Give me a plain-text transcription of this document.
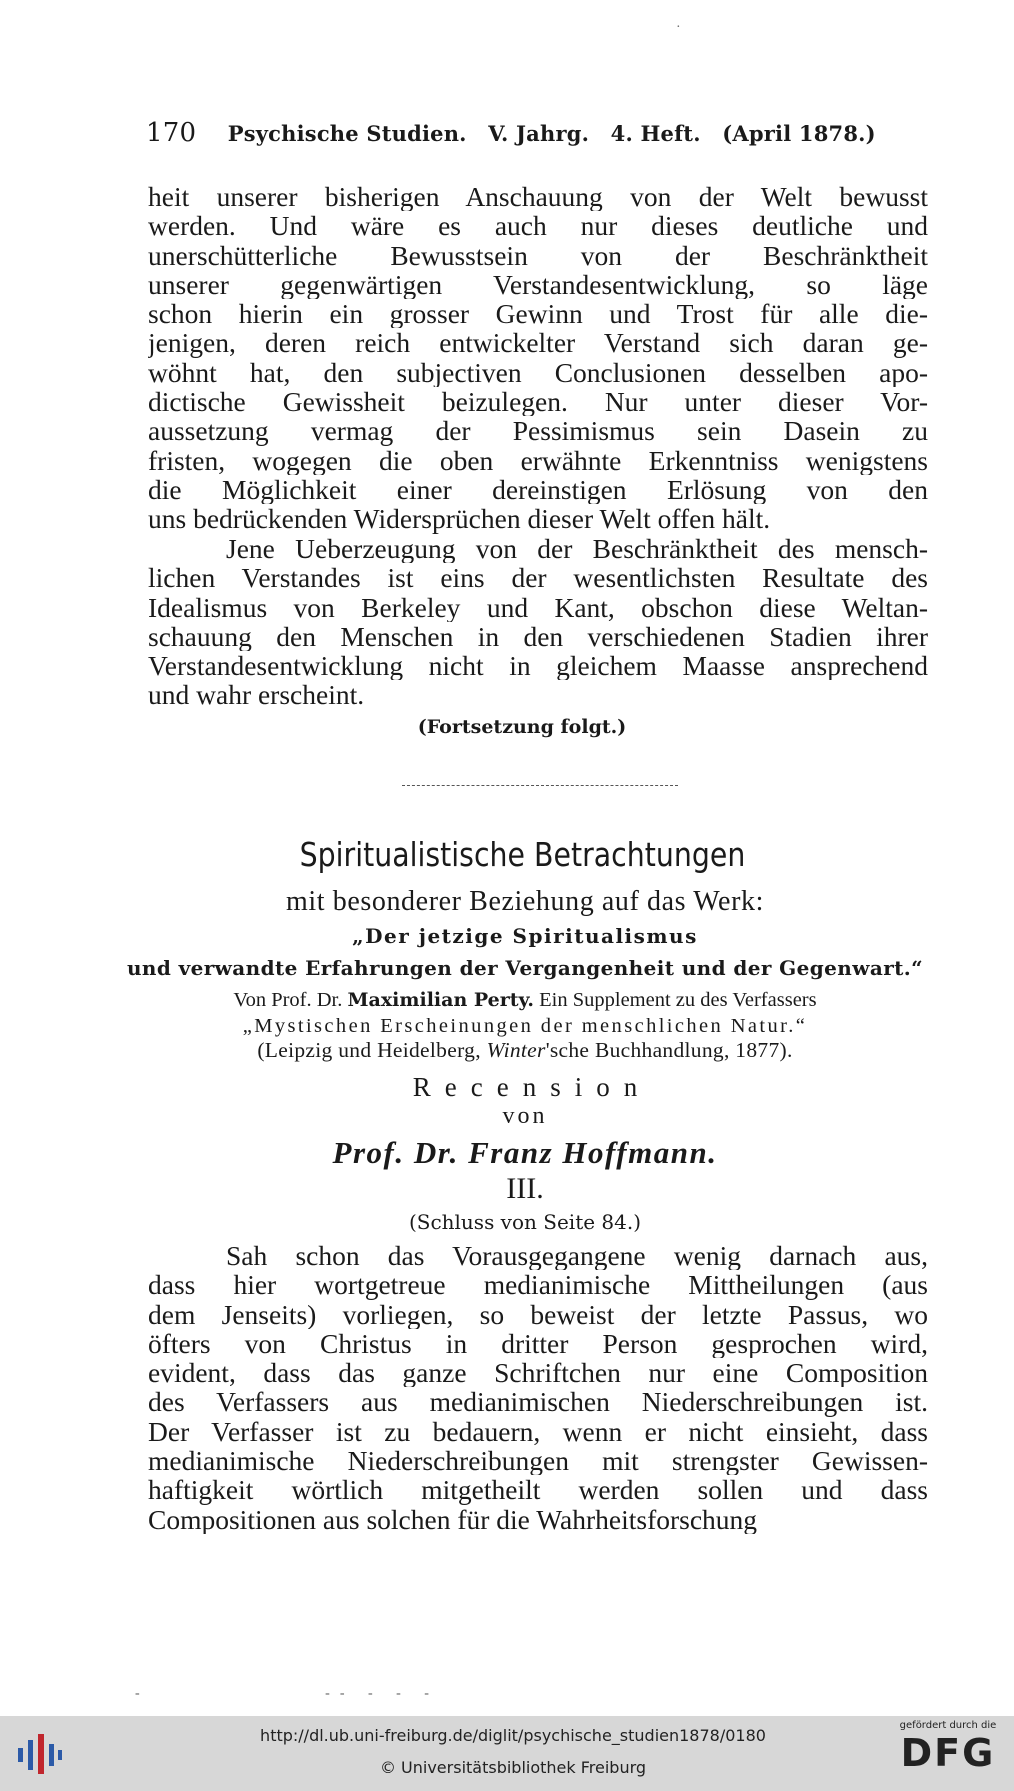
·
170 Psychische Studien. V. Jahrg. 4. Heft. (April 1878.)
heit unserer bisherigen Anschauung von der Welt bewusst
werden. Und wäre es auch nur dieses deutliche und
unerschütterliche Bewusstsein von der Beschränktheit
unserer gegenwärtigen Verstandesentwicklung, so läge
schon hierin ein grosser Gewinn und Trost für alle die-
jenigen, deren reich entwickelter Verstand sich daran ge-
wöhnt hat, den subjectiven Conclusionen desselben apo-
dictische Gewissheit beizulegen. Nur unter dieser Vor-
aussetzung vermag der Pessimismus sein Dasein zu
fristen, wogegen die oben erwähnte Erkenntniss wenigstens
die Möglichkeit einer dereinstigen Erlösung von den
uns bedrückenden Widersprüchen dieser Welt offen hält.
Jene Ueberzeugung von der Beschränktheit des mensch-
lichen Verstandes ist eins der wesentlichsten Resultate des
Idealismus von Berkeley und Kant, obschon diese Weltan-
schauung den Menschen in den verschiedenen Stadien ihrer
Verstandesentwicklung nicht in gleichem Maasse ansprechend
und wahr erscheint.
(Fortsetzung folgt.)
Spiritualistische Betrachtungen
mit besonderer Beziehung auf das Werk:
„Der jetzige Spiritualismus
und verwandte Erfahrungen der Vergangenheit und der Gegenwart.“
Von Prof. Dr. Maximilian Perty. Ein Supplement zu des Verfassers
„Mystischen Erscheinungen der menschlichen Natur.“
(Leipzig und Heidelberg, Winter'sche Buchhandlung, 1877).
Recension
von
Prof. Dr. Franz Hoffmann.
III.
(Schluss von Seite 84.)
Sah schon das Vorausgegangene wenig darnach aus,
dass hier wortgetreue medianimische Mittheilungen (aus
dem Jenseits) vorliegen, so beweist der letzte Passus, wo
öfters von Christus in dritter Person gesprochen wird,
evident, dass das ganze Schriftchen nur eine Composition
des Verfassers aus medianimischen Niederschreibungen ist.
Der Verfasser ist zu bedauern, wenn er nicht einsieht, dass
medianimische Niederschreibungen mit strengster Gewissen-
haftigkeit wörtlich mitgetheilt werden sollen und dass
Compositionen aus solchen für die Wahrheitsforschung
-             -- - - -
http://dl.ub.uni-freiburg.de/diglit/psychische_studien1878/0180
© Universitätsbibliothek Freiburg
gefördert durch die
DFG
